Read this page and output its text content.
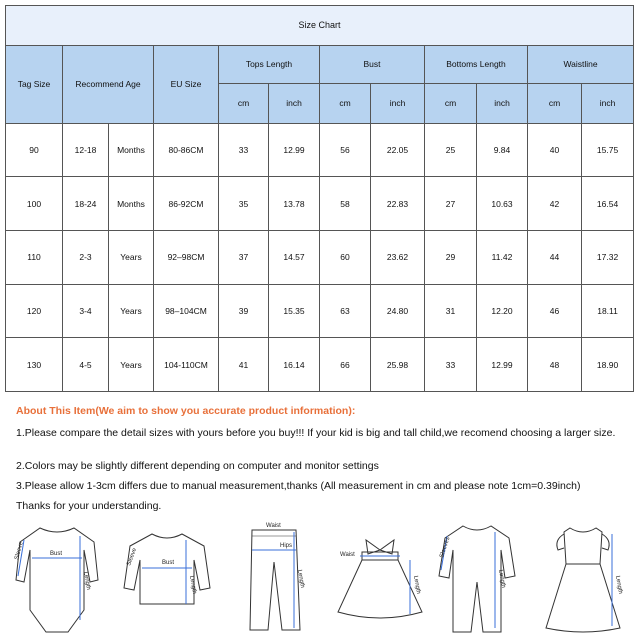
Size Chart											
Tag Size	Recommend Age		EU Size	Tops Length		Bust		Bottoms Length		Waistline	
				cm	inch	cm	inch	cm	inch	cm	inch
90	12-18	Months	80-86CM	33	12.99	56	22.05	25	9.84	40	15.75
100	18-24	Months	86-92CM	35	13.78	58	22.83	27	10.63	42	16.54
110	2-3	Years	92–98CM	37	14.57	60	23.62	29	11.42	44	17.32
120	3-4	Years	98–104CM	39	15.35	63	24.80	31	12.20	46	18.11
130	4-5	Years	104-110CM	41	16.14	66	25.98	33	12.99	48	18.90
About This Item(We aim to show you accurate product information):
1.Please compare the detail sizes with yours before you buy!!! If your kid is big and tall child,we recomend choosing a larger size.
2.Colors may be slightly different depending on computer and monitor settings
3.Please allow 1-3cm differs due to manual measurement,thanks (All measurement in cm and please note 1cm=0.39inch)
Thanks for your understanding.
Bust
Sleeve
Length
Bust
Sleeve
Length
Waist
Hips
Length
Waist
Length
Sleeves
Length	Length
